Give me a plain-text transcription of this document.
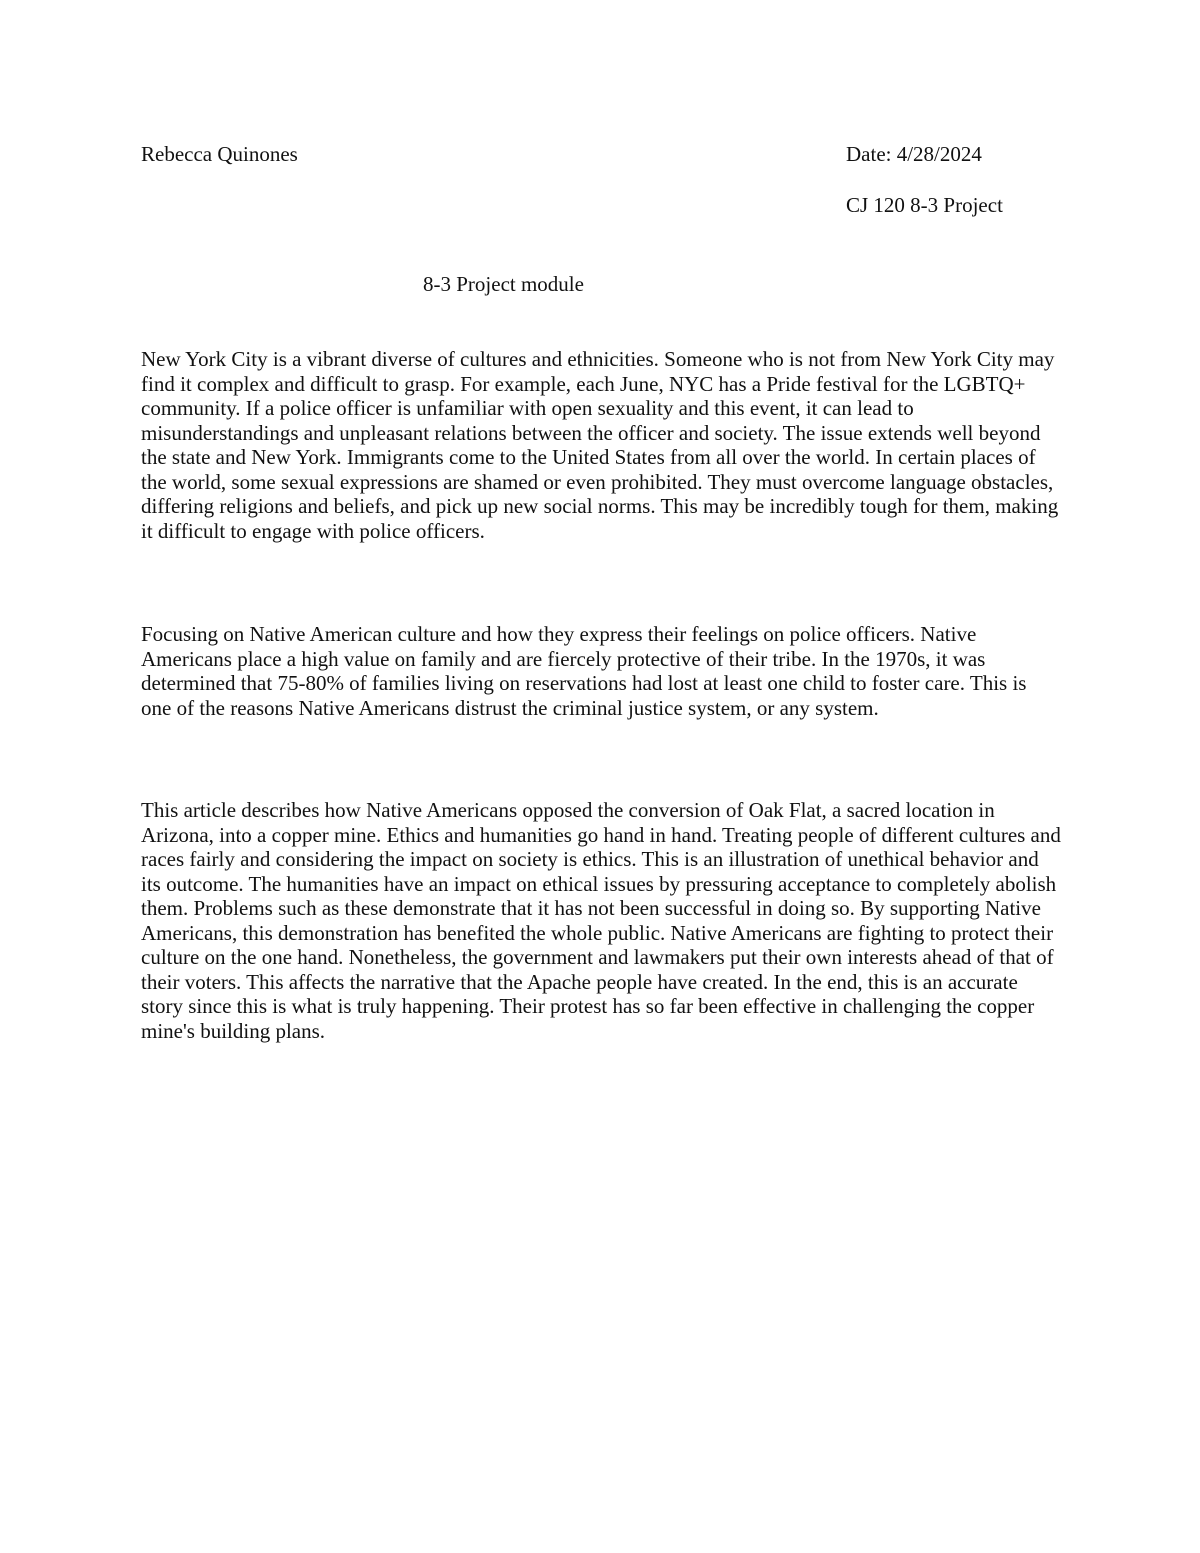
Rebecca Quinones	Date: 4/28/2024
CJ 120 8-3 Project
8-3 Project module

New York City is a vibrant diverse of cultures and ethnicities. Someone who is not from New York City may find it complex and difficult to grasp. For example, each June, NYC has a Pride festival for the LGBTQ+ community. If a police officer is unfamiliar with open sexuality and this event, it can lead to misunderstandings and unpleasant relations between the officer and society. The issue extends well beyond the state and New York. Immigrants come to the United States from all over the world. In certain places of the world, some sexual expressions are shamed or even prohibited. They must overcome language obstacles, differing religions and beliefs, and pick up new social norms. This may be incredibly tough for them, making it difficult to engage with police officers.

Focusing on Native American culture and how they express their feelings on police officers. Native Americans place a high value on family and are fiercely protective of their tribe. In the 1970s, it was determined that 75-80% of families living on reservations had lost at least one child to foster care. This is one of the reasons Native Americans distrust the criminal justice system, or any system.

This article describes how Native Americans opposed the conversion of Oak Flat, a sacred location in Arizona, into a copper mine. Ethics and humanities go hand in hand. Treating people of different cultures and races fairly and considering the impact on society is ethics. This is an illustration of unethical behavior and its outcome. The humanities have an impact on ethical issues by pressuring acceptance to completely abolish them. Problems such as these demonstrate that it has not been successful in doing so. By supporting Native Americans, this demonstration has benefited the whole public. Native Americans are fighting to protect their culture on the one hand. Nonetheless, the government and lawmakers put their own interests ahead of that of their voters. This affects the narrative that the Apache people have created. In the end, this is an accurate story since this is what is truly happening. Their protest has so far been effective in challenging the copper mine's building plans.
